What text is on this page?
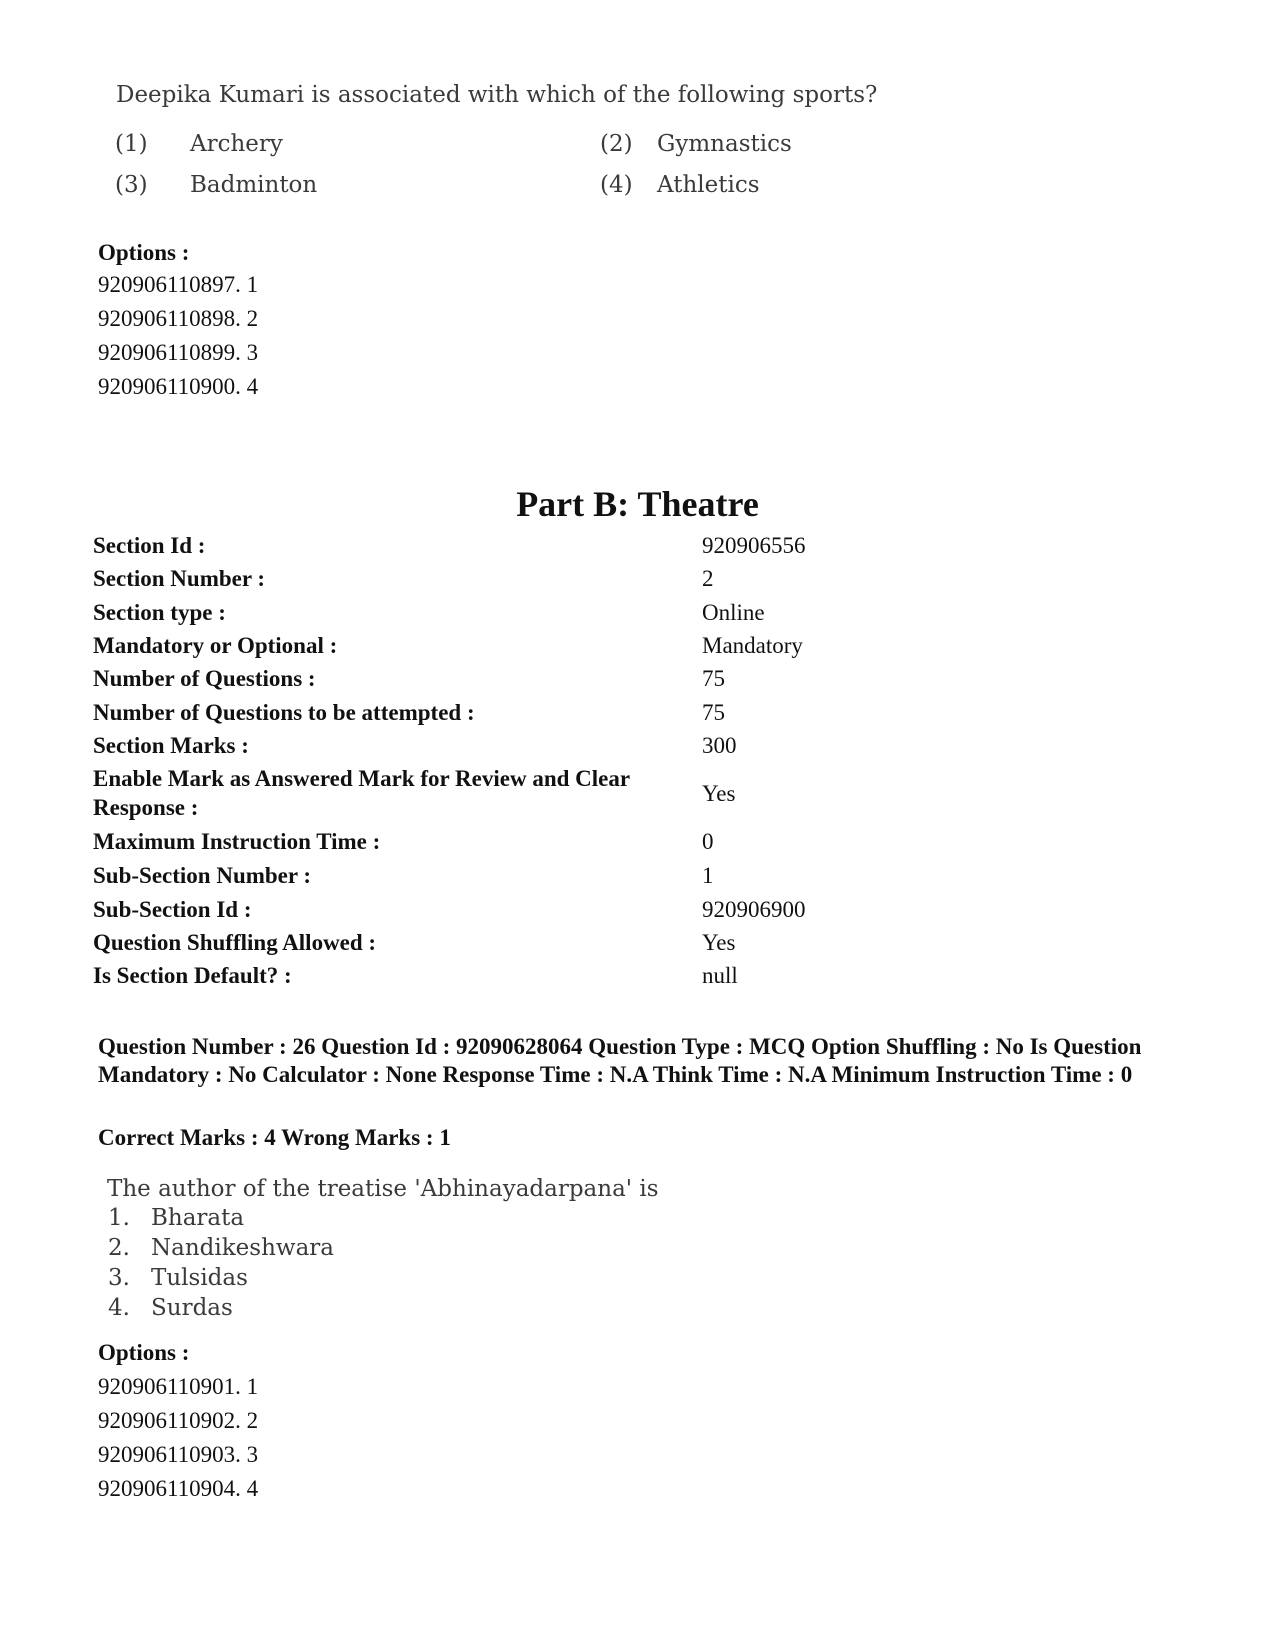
Deepika Kumari is associated with which of the following sports?
(1) Archery	(2) Gymnastics
(3) Badminton	(4) Athletics
Options :
920906110897. 1
920906110898. 2
920906110899. 3
920906110900. 4
Part B: Theatre
Section Id :	920906556
Section Number :	2
Section type :	Online
Mandatory or Optional :	Mandatory
Number of Questions :	75
Number of Questions to be attempted :	75
Section Marks :	300
Enable Mark as Answered Mark for Review and Clear Response :
Yes
Maximum Instruction Time :	0
Sub-Section Number :	1
Sub-Section Id :	920906900
Question Shuffling Allowed :	Yes
Is Section Default? :	null
Question Number : 26 Question Id : 92090628064 Question Type : MCQ Option Shuffling : No Is Question Mandatory : No Calculator : None Response Time : N.A Think Time : N.A Minimum Instruction Time : 0
Correct Marks : 4 Wrong Marks : 1
The author of the treatise 'Abhinayadarpana' is
1. Bharata
2. Nandikeshwara
3. Tulsidas
4. Surdas
Options :
920906110901. 1
920906110902. 2
920906110903. 3
920906110904. 4
